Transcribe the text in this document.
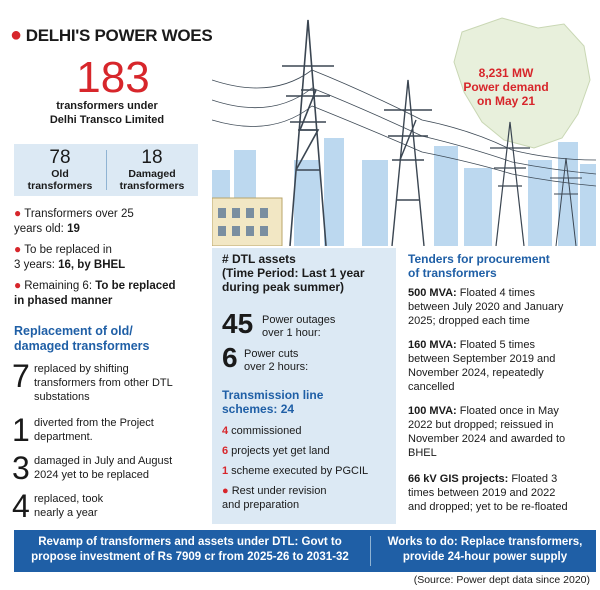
● DELHI'S POWER WOES
183
transformers under
Delhi Transco Limited
78
Old
transformers
18
Damaged
transformers
● Transformers over 25
years old: 19
● To be replaced in
3 years: 16, by BHEL
● Remaining 6: To be replaced
in phased manner
Replacement of old/
damaged transformers
7 replaced by shifting
transformers from other DTL
substations
1 diverted from the Project
department.
3 damaged in July and August
2024 yet to be replaced
4 replaced, took
nearly a year
8,231 MW
Power demand
on May 21
# DTL assets
(Time Period: Last 1 year
during peak summer)
45 Power outages
over 1 hour:
6 Power cuts
over 2 hours:
Transmission line
schemes: 24
4 commissioned
6 projects yet get land
1 scheme executed by PGCIL
● Rest under revision
and preparation
Tenders for procurement
of transformers
500 MVA: Floated 4 times
between July 2020 and January
2025; dropped each time
160 MVA: Floated 5 times
between September 2019 and
November 2024, repeatedly
cancelled
100 MVA: Floated once in May
2022 but dropped; reissued in
November 2024 and awarded to
BHEL
66 kV GIS projects: Floated 3
times between 2019 and 2022
and dropped; yet to be re-floated
Revamp of transformers and assets under DTL: Govt to
propose investment of Rs 7909 cr from 2025-26 to 2031-32
Works to do: Replace transformers,
provide 24-hour power supply
(Source: Power dept data since 2020)
